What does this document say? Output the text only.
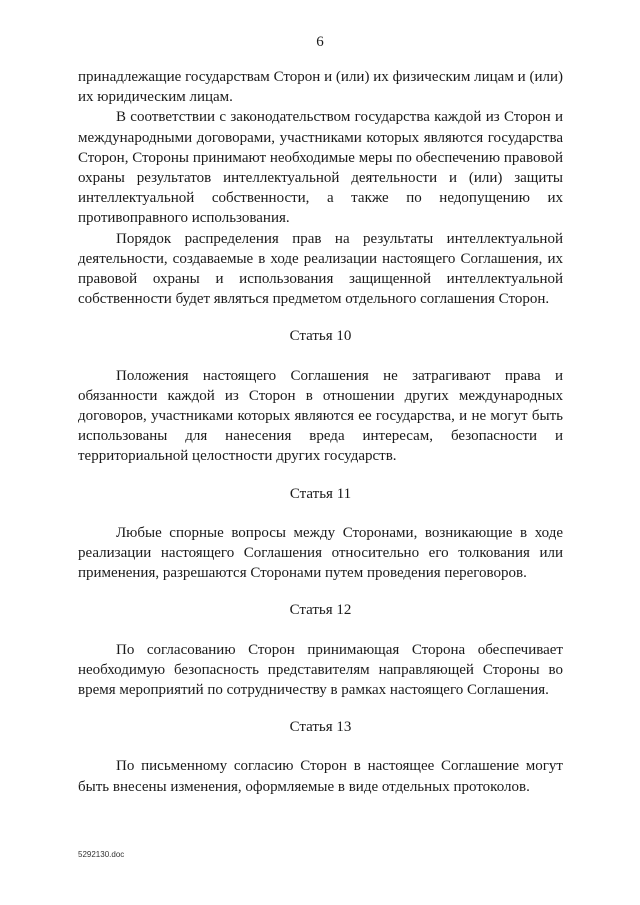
6

принадлежащие государствам Сторон и (или) их физическим лицам и (или) их юридическим лицам.

В соответствии с законодательством государства каждой из Сторон и международными договорами, участниками которых являются государства Сторон, Стороны принимают необходимые меры по обеспечению правовой охраны результатов интеллектуальной деятельности и (или) защиты интеллектуальной собственности, а также по недопущению их противоправного использования.

Порядок распределения прав на результаты интеллектуальной деятельности, создаваемые в ходе реализации настоящего Соглашения, их правовой охраны и использования защищенной интеллектуальной собственности будет являться предметом отдельного соглашения Сторон.

Статья 10

Положения настоящего Соглашения не затрагивают права и обязанности каждой из Сторон в отношении других международных договоров, участниками которых являются ее государства, и не могут быть использованы для нанесения вреда интересам, безопасности и территориальной целостности других государств.

Статья 11

Любые спорные вопросы между Сторонами, возникающие в ходе реализации настоящего Соглашения относительно его толкования или применения, разрешаются Сторонами путем проведения переговоров.

Статья 12

По согласованию Сторон принимающая Сторона обеспечивает необходимую безопасность представителям направляющей Стороны во время мероприятий по сотрудничеству в рамках настоящего Соглашения.

Статья 13

По письменному согласию Сторон в настоящее Соглашение могут быть внесены изменения, оформляемые в виде отдельных протоколов.

5292130.doc
